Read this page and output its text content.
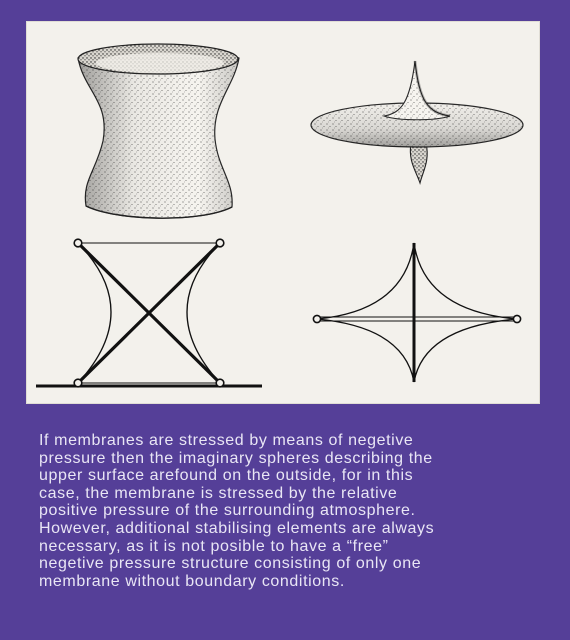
If membranes are stressed by means of negetive
pressure then the imaginary spheres describing the
upper surface arefound on the outside, for in this
case, the membrane is stressed by the relative
positive pressure of the surrounding atmosphere.
However, additional stabilising elements are always
necessary, as it is not posible to have a “free”
negetive pressure structure consisting of only one
membrane without boundary conditions.
